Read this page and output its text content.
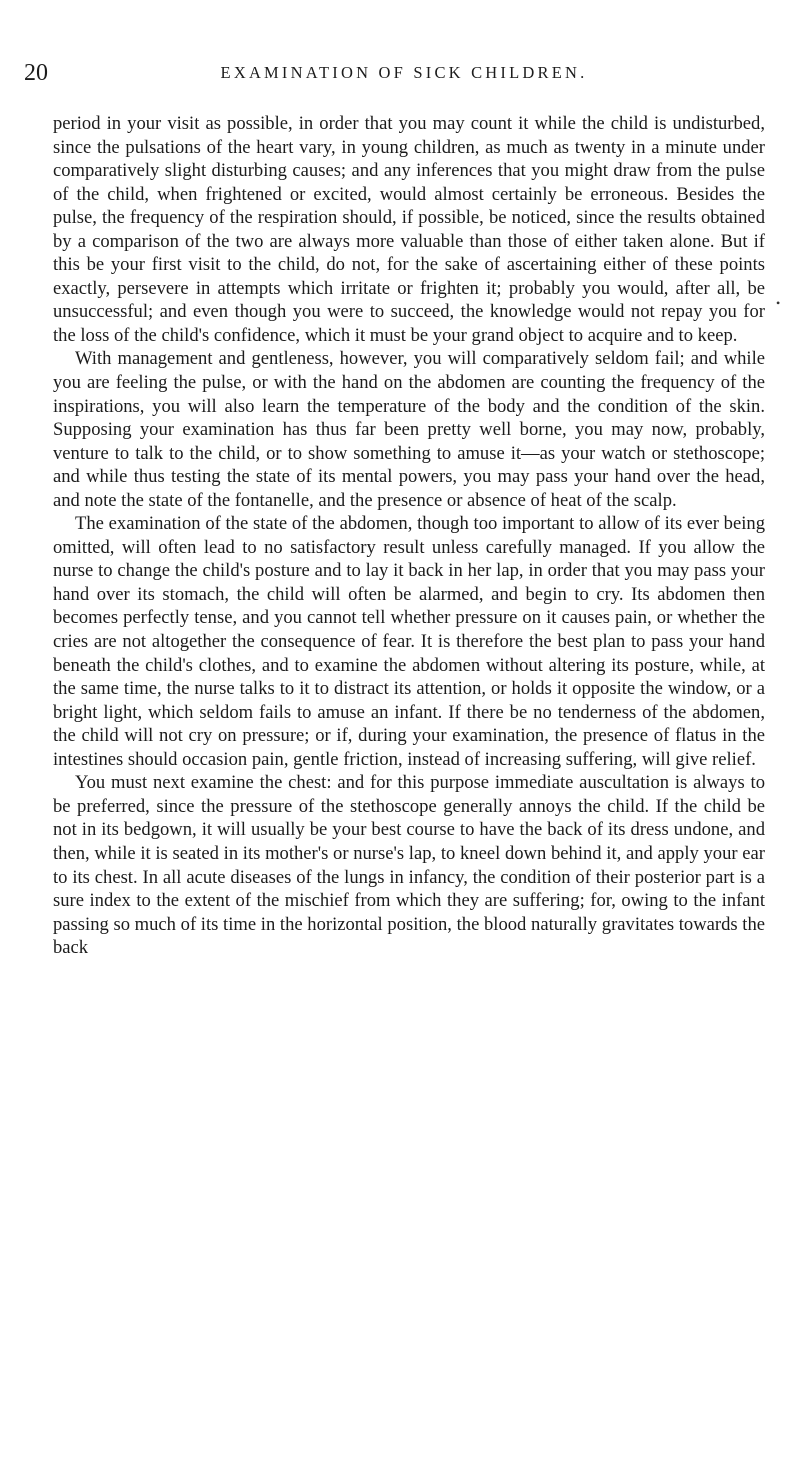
20	EXAMINATION OF SICK CHILDREN.

period in your visit as possible, in order that you may count it while the child is undisturbed, since the pulsations of the heart vary, in young children, as much as twenty in a minute under comparatively slight disturbing causes; and any inferences that you might draw from the pulse of the child, when frightened or excited, would almost certainly be erroneous. Besides the pulse, the frequency of the respiration should, if possible, be noticed, since the results obtained by a comparison of the two are always more valuable than those of either taken alone. But if this be your first visit to the child, do not, for the sake of ascertaining either of these points exactly, persevere in attempts which irritate or frighten it; probably you would, after all, be unsuccessful; and even though you were to succeed, the knowledge would not repay you for the loss of the child's confidence, which it must be your grand object to acquire and to keep.

With management and gentleness, however, you will comparatively seldom fail; and while you are feeling the pulse, or with the hand on the abdomen are counting the frequency of the inspirations, you will also learn the temperature of the body and the condition of the skin. Supposing your examination has thus far been pretty well borne, you may now, probably, venture to talk to the child, or to show something to amuse it—as your watch or stethoscope; and while thus testing the state of its mental powers, you may pass your hand over the head, and note the state of the fontanelle, and the presence or absence of heat of the scalp.

The examination of the state of the abdomen, though too important to allow of its ever being omitted, will often lead to no satisfactory result unless carefully managed. If you allow the nurse to change the child's posture and to lay it back in her lap, in order that you may pass your hand over its stomach, the child will often be alarmed, and begin to cry. Its abdomen then becomes perfectly tense, and you cannot tell whether pressure on it causes pain, or whether the cries are not altogether the consequence of fear. It is therefore the best plan to pass your hand beneath the child's clothes, and to examine the abdomen without altering its posture, while, at the same time, the nurse talks to it to distract its attention, or holds it opposite the window, or a bright light, which seldom fails to amuse an infant. If there be no tenderness of the abdomen, the child will not cry on pressure; or if, during your examination, the presence of flatus in the intestines should occasion pain, gentle friction, instead of increasing suffering, will give relief.

You must next examine the chest: and for this purpose immediate auscultation is always to be preferred, since the pressure of the stethoscope generally annoys the child. If the child be not in its bedgown, it will usually be your best course to have the back of its dress undone, and then, while it is seated in its mother's or nurse's lap, to kneel down behind it, and apply your ear to its chest. In all acute diseases of the lungs in infancy, the condition of their posterior part is a sure index to the extent of the mischief from which they are suffering; for, owing to the infant passing so much of its time in the horizontal position, the blood naturally gravitates towards the back

•
